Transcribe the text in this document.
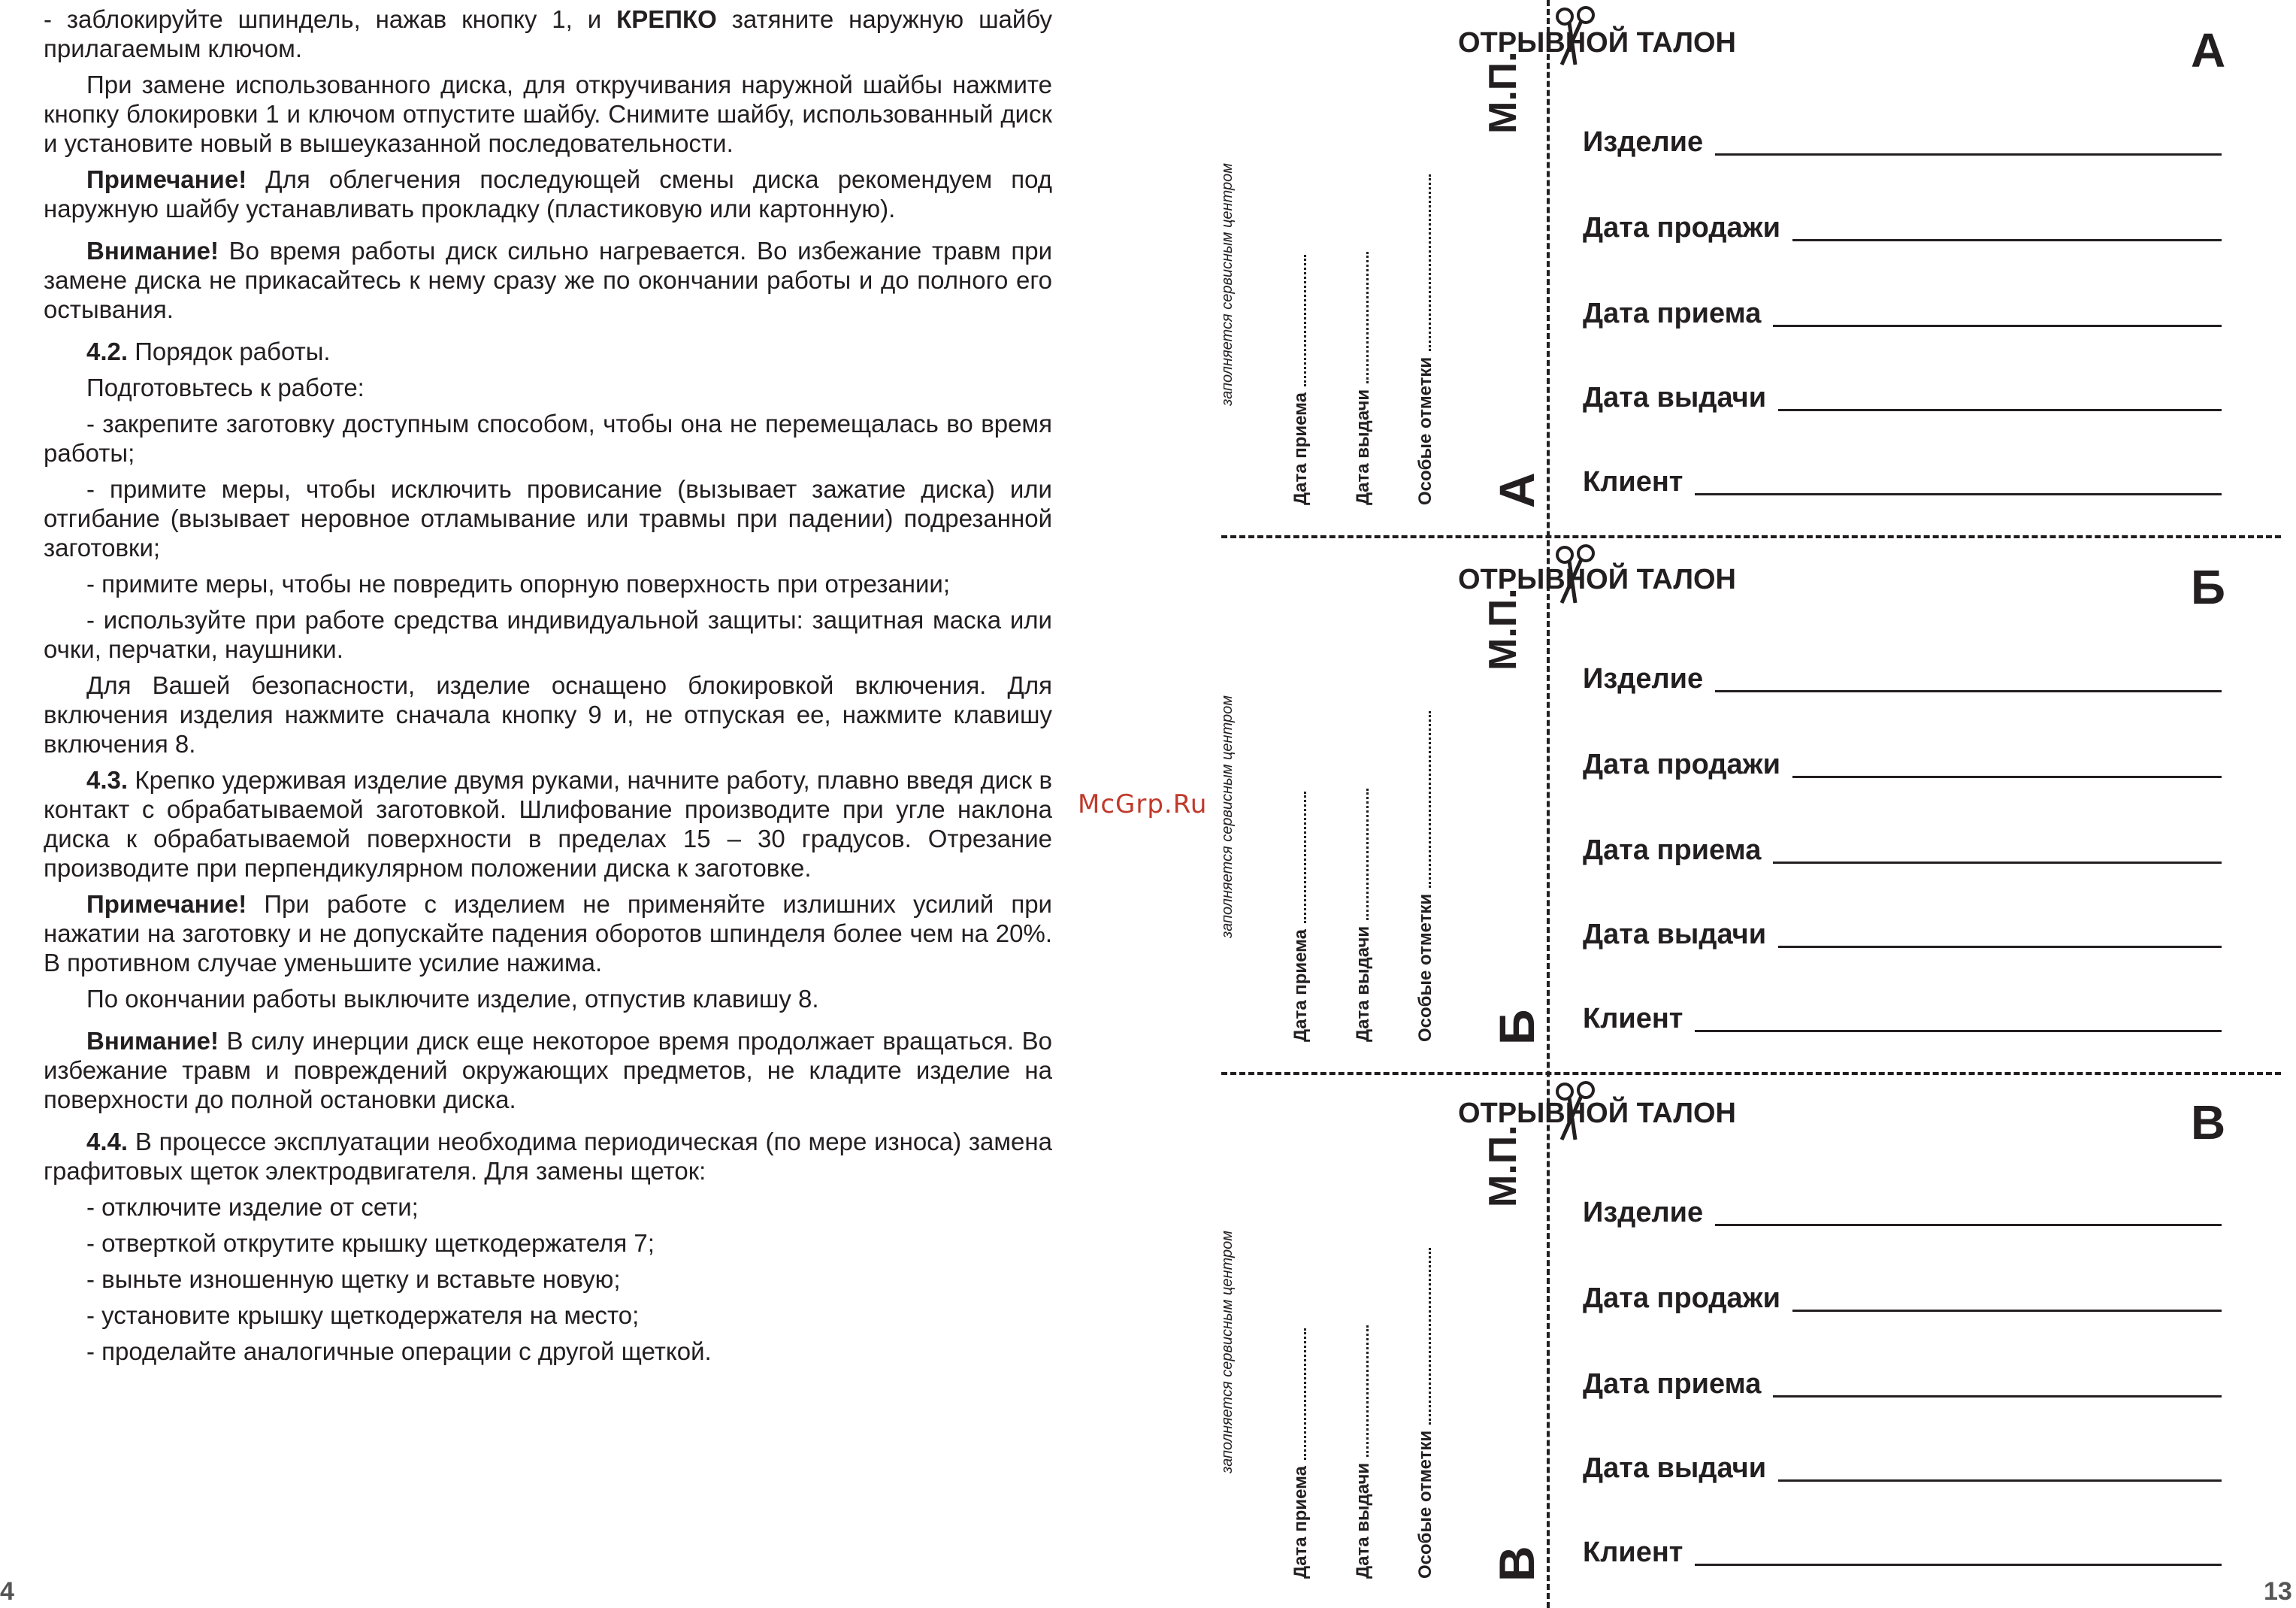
- заблокируйте шпиндель, нажав кнопку 1, и КРЕПКО затяните наружную шайбу прилагаемым ключом.

При замене использованного диска, для откручивания наружной шайбы нажмите кнопку блокировки 1 и ключом отпустите шайбу. Снимите шайбу, использованный диск и установите новый в вышеуказанной последовательности.

Примечание! Для облегчения последующей смены диска рекомендуем под наружную шайбу устанавливать прокладку (пластиковую или картонную).

Внимание! Во время работы диск сильно нагревается. Во избежание травм при замене диска не прикасайтесь к нему сразу же по окончании работы и до полного его остывания.

4.2. Порядок работы.

Подготовьтесь к работе:

- закрепите заготовку доступным способом, чтобы она не перемещалась во время работы;

- примите меры, чтобы исключить провисание (вызывает зажатие диска) или отгибание (вызывает неровное отламывание или травмы при падении) подрезанной заготовки;

- примите меры, чтобы не повредить опорную поверхность при отрезании;

- используйте при работе средства индивидуальной защиты: защитная маска или очки, перчатки, наушники.

Для Вашей безопасности, изделие оснащено блокировкой включения. Для включения изделия нажмите сначала кнопку 9 и, не отпуская ее, нажмите клавишу включения 8.

4.3. Крепко удерживая изделие двумя руками, начните работу, плавно введя диск в контакт с обрабатываемой заготовкой. Шлифование производите при угле наклона диска к обрабатываемой поверхности в пределах 15 – 30 градусов. Отрезание производите при перпендикулярном положении диска к заготовке.

Примечание! При работе с изделием не применяйте излишних усилий при нажатии на заготовку и не допускайте падения оборотов шпинделя более чем на 20%. В противном случае уменьшите усилие нажима.

По окончании работы выключите изделие, отпустив клавишу 8.

Внимание! В силу инерции диск еще некоторое время продолжает вращаться. Во избежание травм и повреждений окружающих предметов, не кладите изделие на поверхности до полной остановки диска.

4.4. В процессе эксплуатации необходима периодическая (по мере износа) замена графитовых щеток электродвигателя. Для замены щеток:

- отключите изделие от сети;

- отверткой открутите крышку щеткодержателя 7;

- выньте изношенную щетку и вставьте новую;

- установите крышку щеткодержателя на место;

- проделайте аналогичные операции с другой щеткой.

4
McGrp.Ru
заполняется сервисным центром
Дата приема	Дата выдачи	Особые отметки
М.П.
А
ОТРЫВНОЙ ТАЛОН	А
Изделие
Дата продажи
Дата приема
Дата выдачи
Клиент
заполняется сервисным центром
Дата приема	Дата выдачи	Особые отметки
М.П.
Б
ОТРЫВНОЙ ТАЛОН	Б
Изделие
Дата продажи
Дата приема
Дата выдачи
Клиент
заполняется сервисным центром
Дата приема	Дата выдачи	Особые отметки
М.П.
В
ОТРЫВНОЙ ТАЛОН	В
Изделие
Дата продажи
Дата приема
Дата выдачи
Клиент
13
